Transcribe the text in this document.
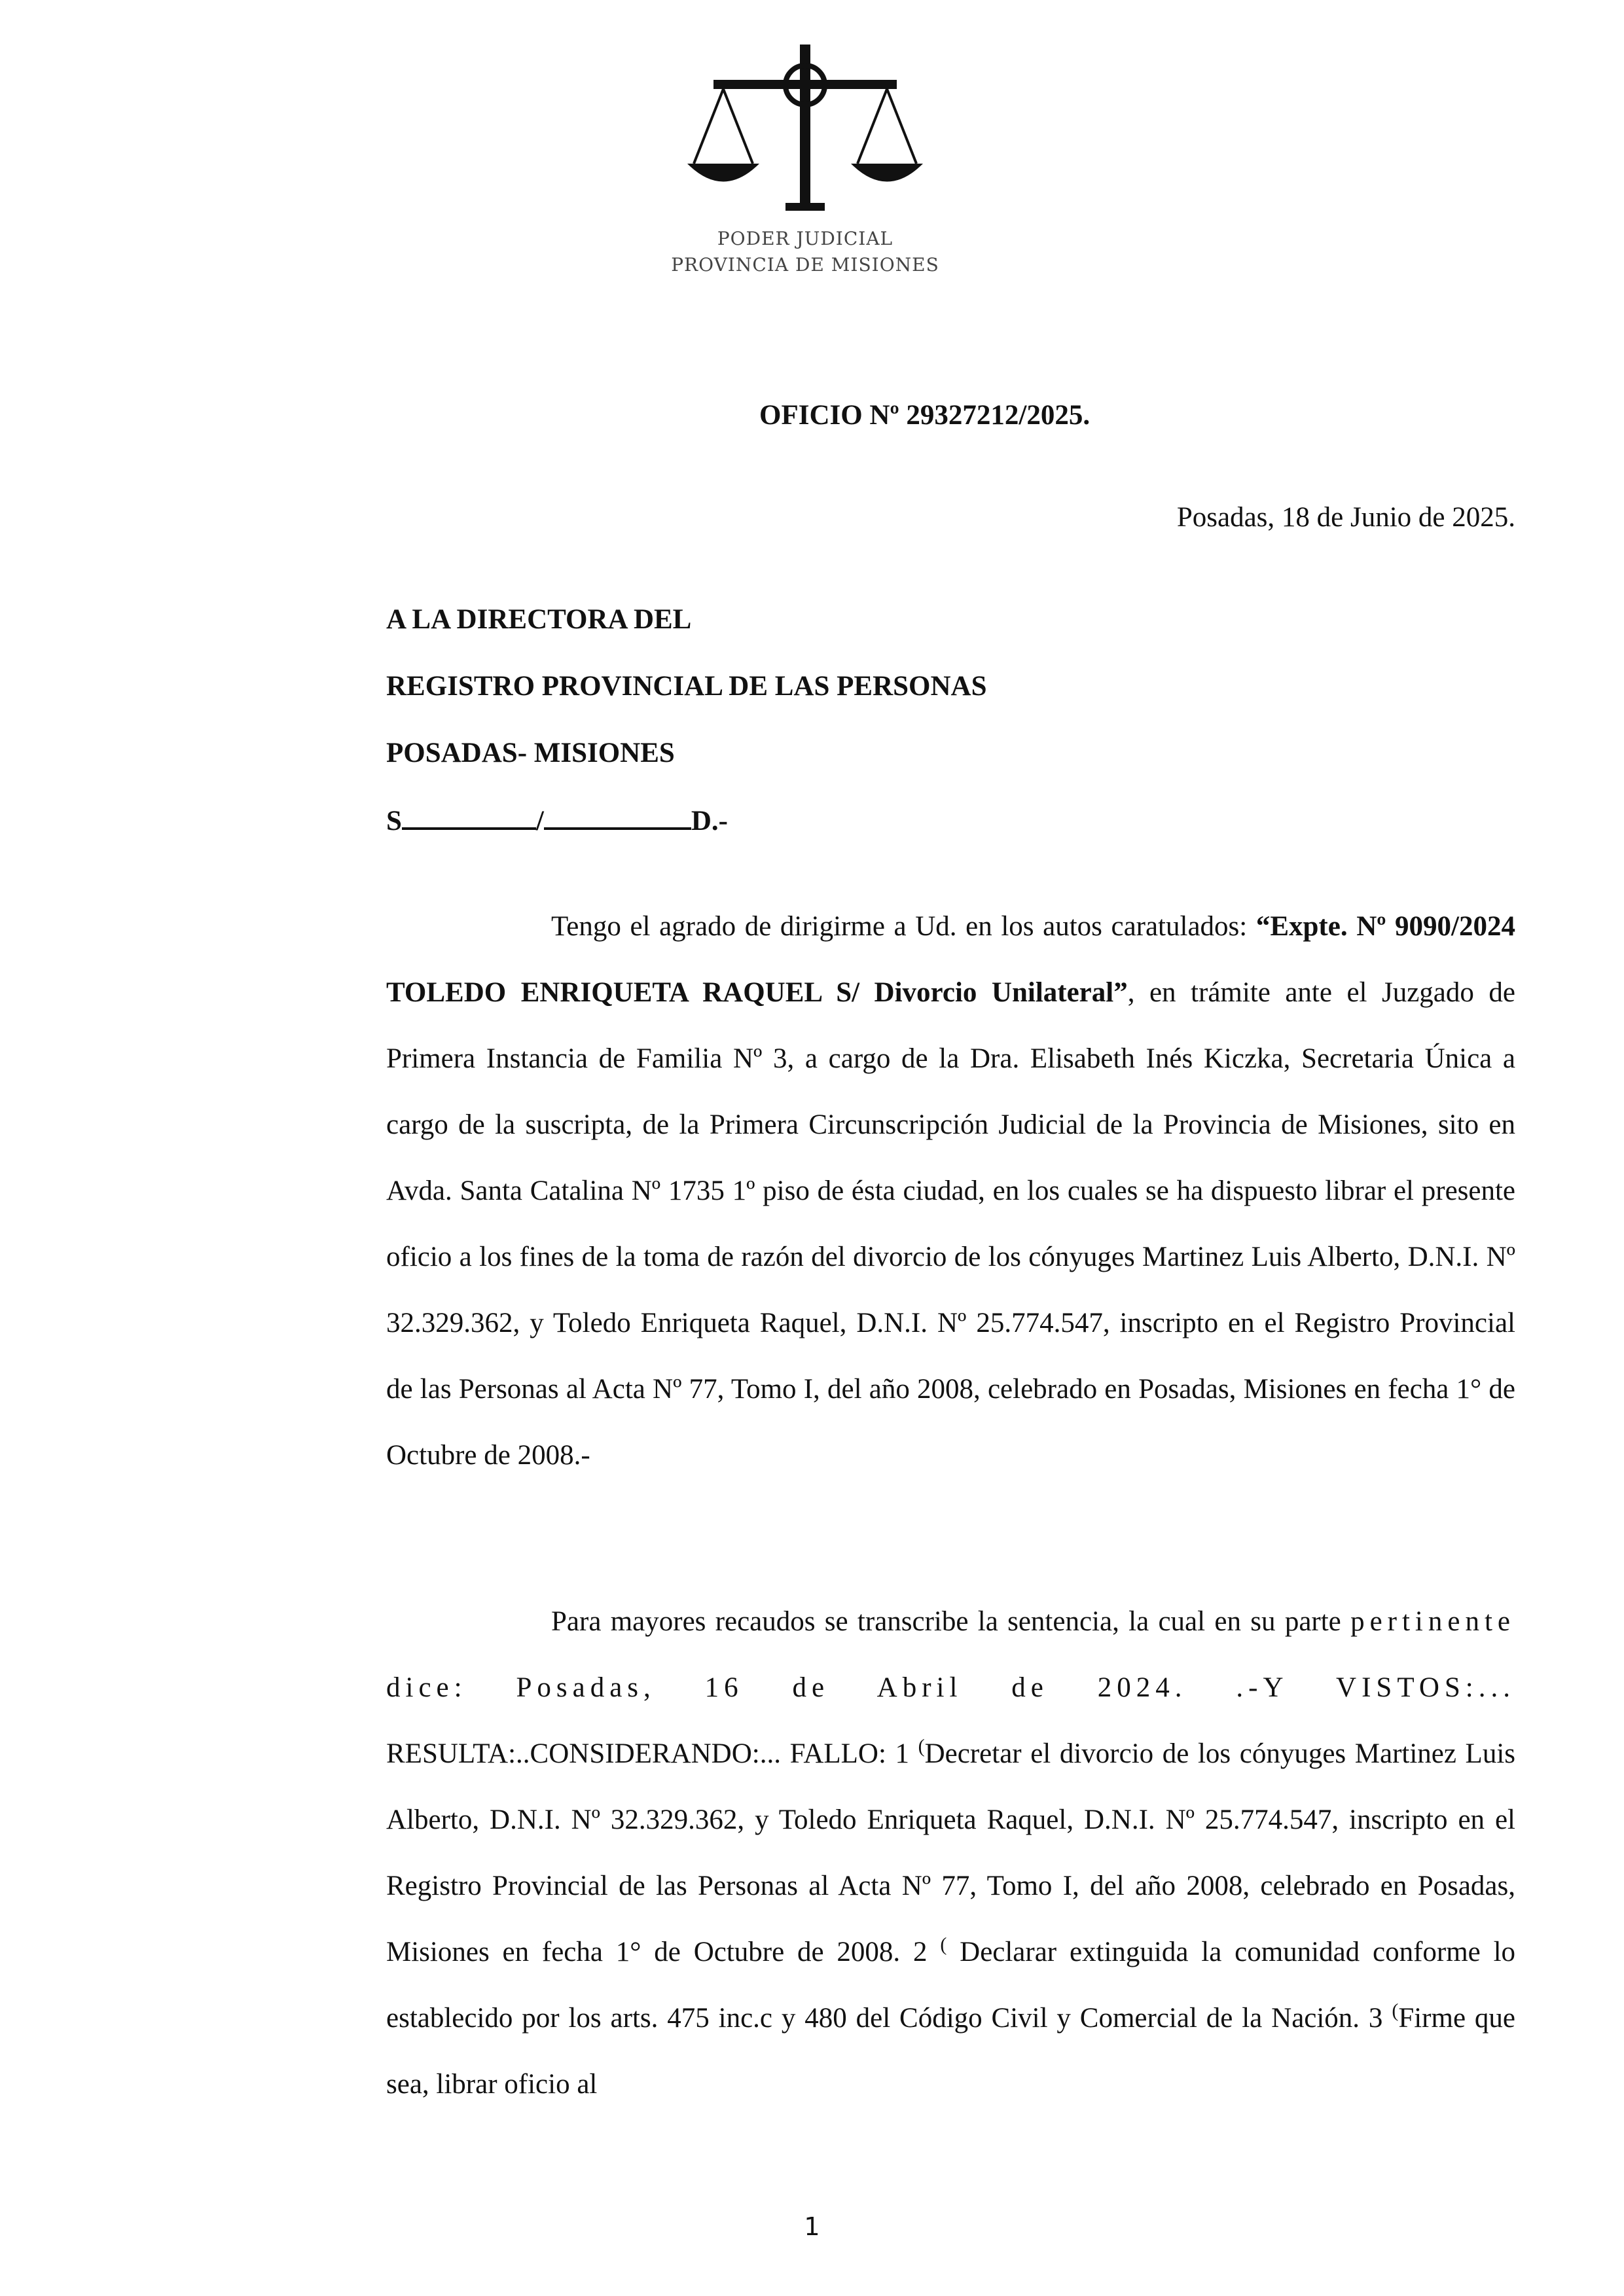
PODER JUDICIAL
PROVINCIA DE MISIONES
OFICIO Nº 29327212/2025.
Posadas, 18 de Junio de 2025.
A LA DIRECTORA DEL
REGISTRO PROVINCIAL DE LAS PERSONAS
POSADAS- MISIONES
S	/	D.-

Tengo el agrado de dirigirme a Ud. en los autos caratulados: “Expte. Nº 9090/2024 TOLEDO ENRIQUETA RAQUEL S/ Divorcio Unilateral”, en trámite ante el Juzgado de Primera Instancia de Familia Nº 3, a cargo de la Dra. Elisabeth Inés Kiczka, Secretaria Única a cargo de la suscripta, de la Primera Circunscripción Judicial de la Provincia de Misiones, sito en Avda. Santa Catalina Nº 1735 1º piso de ésta ciudad, en los cuales se ha dispuesto librar el presente oficio a los fines de la toma de razón del divorcio de los cónyuges Martinez Luis Alberto, D.N.I. Nº 32.329.362, y Toledo Enriqueta Raquel, D.N.I. Nº 25.774.547, inscripto en el Registro Provincial de las Personas al Acta Nº 77, Tomo I, del año 2008, celebrado en Posadas, Misiones en fecha 1° de Octubre de 2008.-

Para mayores recaudos se transcribe la sentencia, la cual en su parte pertinente dice: Posadas, 16 de Abril de 2024. .-Y VISTOS:... RESULTA:..CONSIDERANDO:... FALLO: 1 (Decretar el divorcio de los cónyuges Martinez Luis Alberto, D.N.I. Nº 32.329.362, y Toledo Enriqueta Raquel, D.N.I. Nº 25.774.547, inscripto en el Registro Provincial de las Personas al Acta Nº 77, Tomo I, del año 2008, celebrado en Posadas, Misiones en fecha 1° de Octubre de 2008. 2 ( Declarar extinguida la comunidad conforme lo establecido por los arts. 475 inc.c y 480 del Código Civil y Comercial de la Nación. 3 (Firme que sea, librar oficio al

1
